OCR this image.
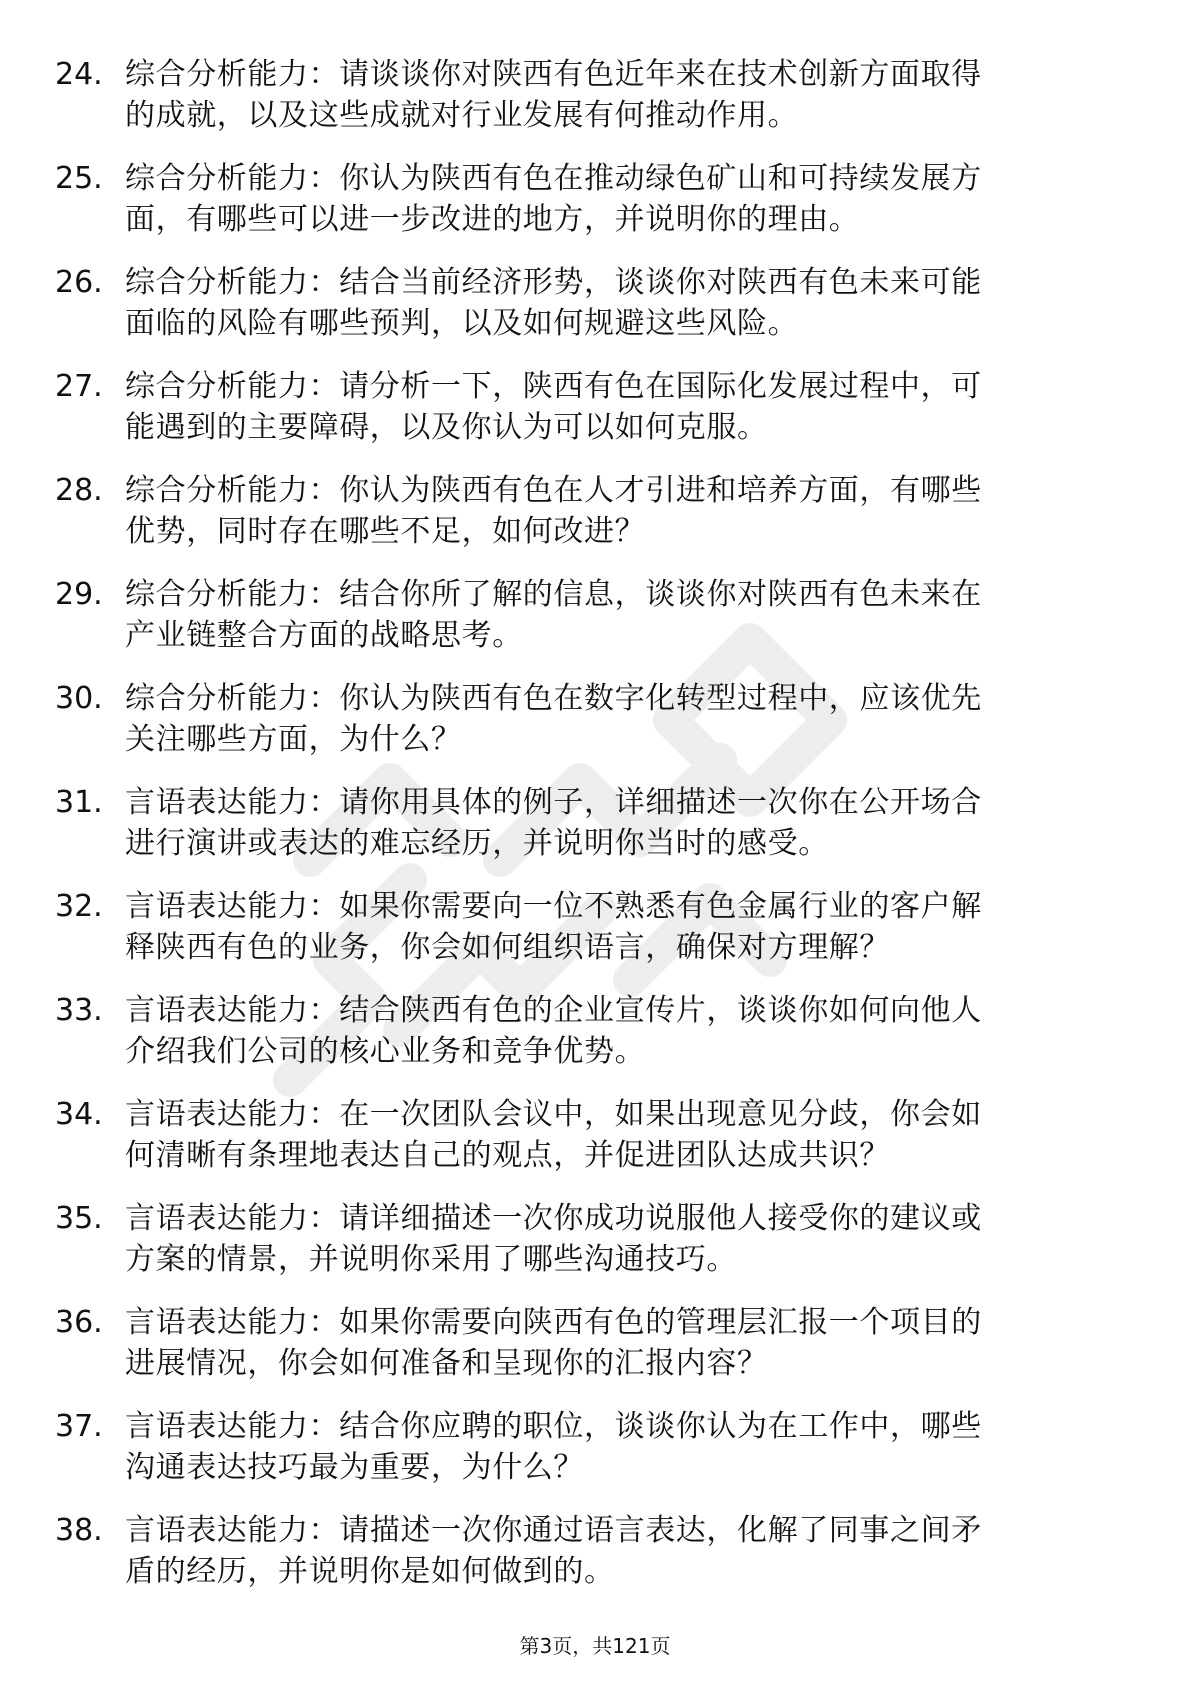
24. 综合分析能力：请谈谈你对陕西有色近年来在技术创新方面取得
的成就，以及这些成就对行业发展有何推动作用。
25. 综合分析能力：你认为陕西有色在推动绿色矿山和可持续发展方
面，有哪些可以进一步改进的地方，并说明你的理由。
26. 综合分析能力：结合当前经济形势，谈谈你对陕西有色未来可能
面临的风险有哪些预判，以及如何规避这些风险。
27. 综合分析能力：请分析一下，陕西有色在国际化发展过程中，可
能遇到的主要障碍，以及你认为可以如何克服。
28. 综合分析能力：你认为陕西有色在人才引进和培养方面，有哪些
优势，同时存在哪些不足，如何改进？
29. 综合分析能力：结合你所了解的信息，谈谈你对陕西有色未来在
产业链整合方面的战略思考。
30. 综合分析能力：你认为陕西有色在数字化转型过程中，应该优先
关注哪些方面，为什么？
31. 言语表达能力：请你用具体的例子，详细描述一次你在公开场合
进行演讲或表达的难忘经历，并说明你当时的感受。
32. 言语表达能力：如果你需要向一位不熟悉有色金属行业的客户解
释陕西有色的业务，你会如何组织语言，确保对方理解？
33. 言语表达能力：结合陕西有色的企业宣传片，谈谈你如何向他人
介绍我们公司的核心业务和竞争优势。
34. 言语表达能力：在一次团队会议中，如果出现意见分歧，你会如
何清晰有条理地表达自己的观点，并促进团队达成共识？
35. 言语表达能力：请详细描述一次你成功说服他人接受你的建议或
方案的情景，并说明你采用了哪些沟通技巧。
36. 言语表达能力：如果你需要向陕西有色的管理层汇报一个项目的
进展情况，你会如何准备和呈现你的汇报内容？
37. 言语表达能力：结合你应聘的职位，谈谈你认为在工作中，哪些
沟通表达技巧最为重要，为什么？
38. 言语表达能力：请描述一次你通过语言表达，化解了同事之间矛
盾的经历，并说明你是如何做到的。
第3页，共121页
